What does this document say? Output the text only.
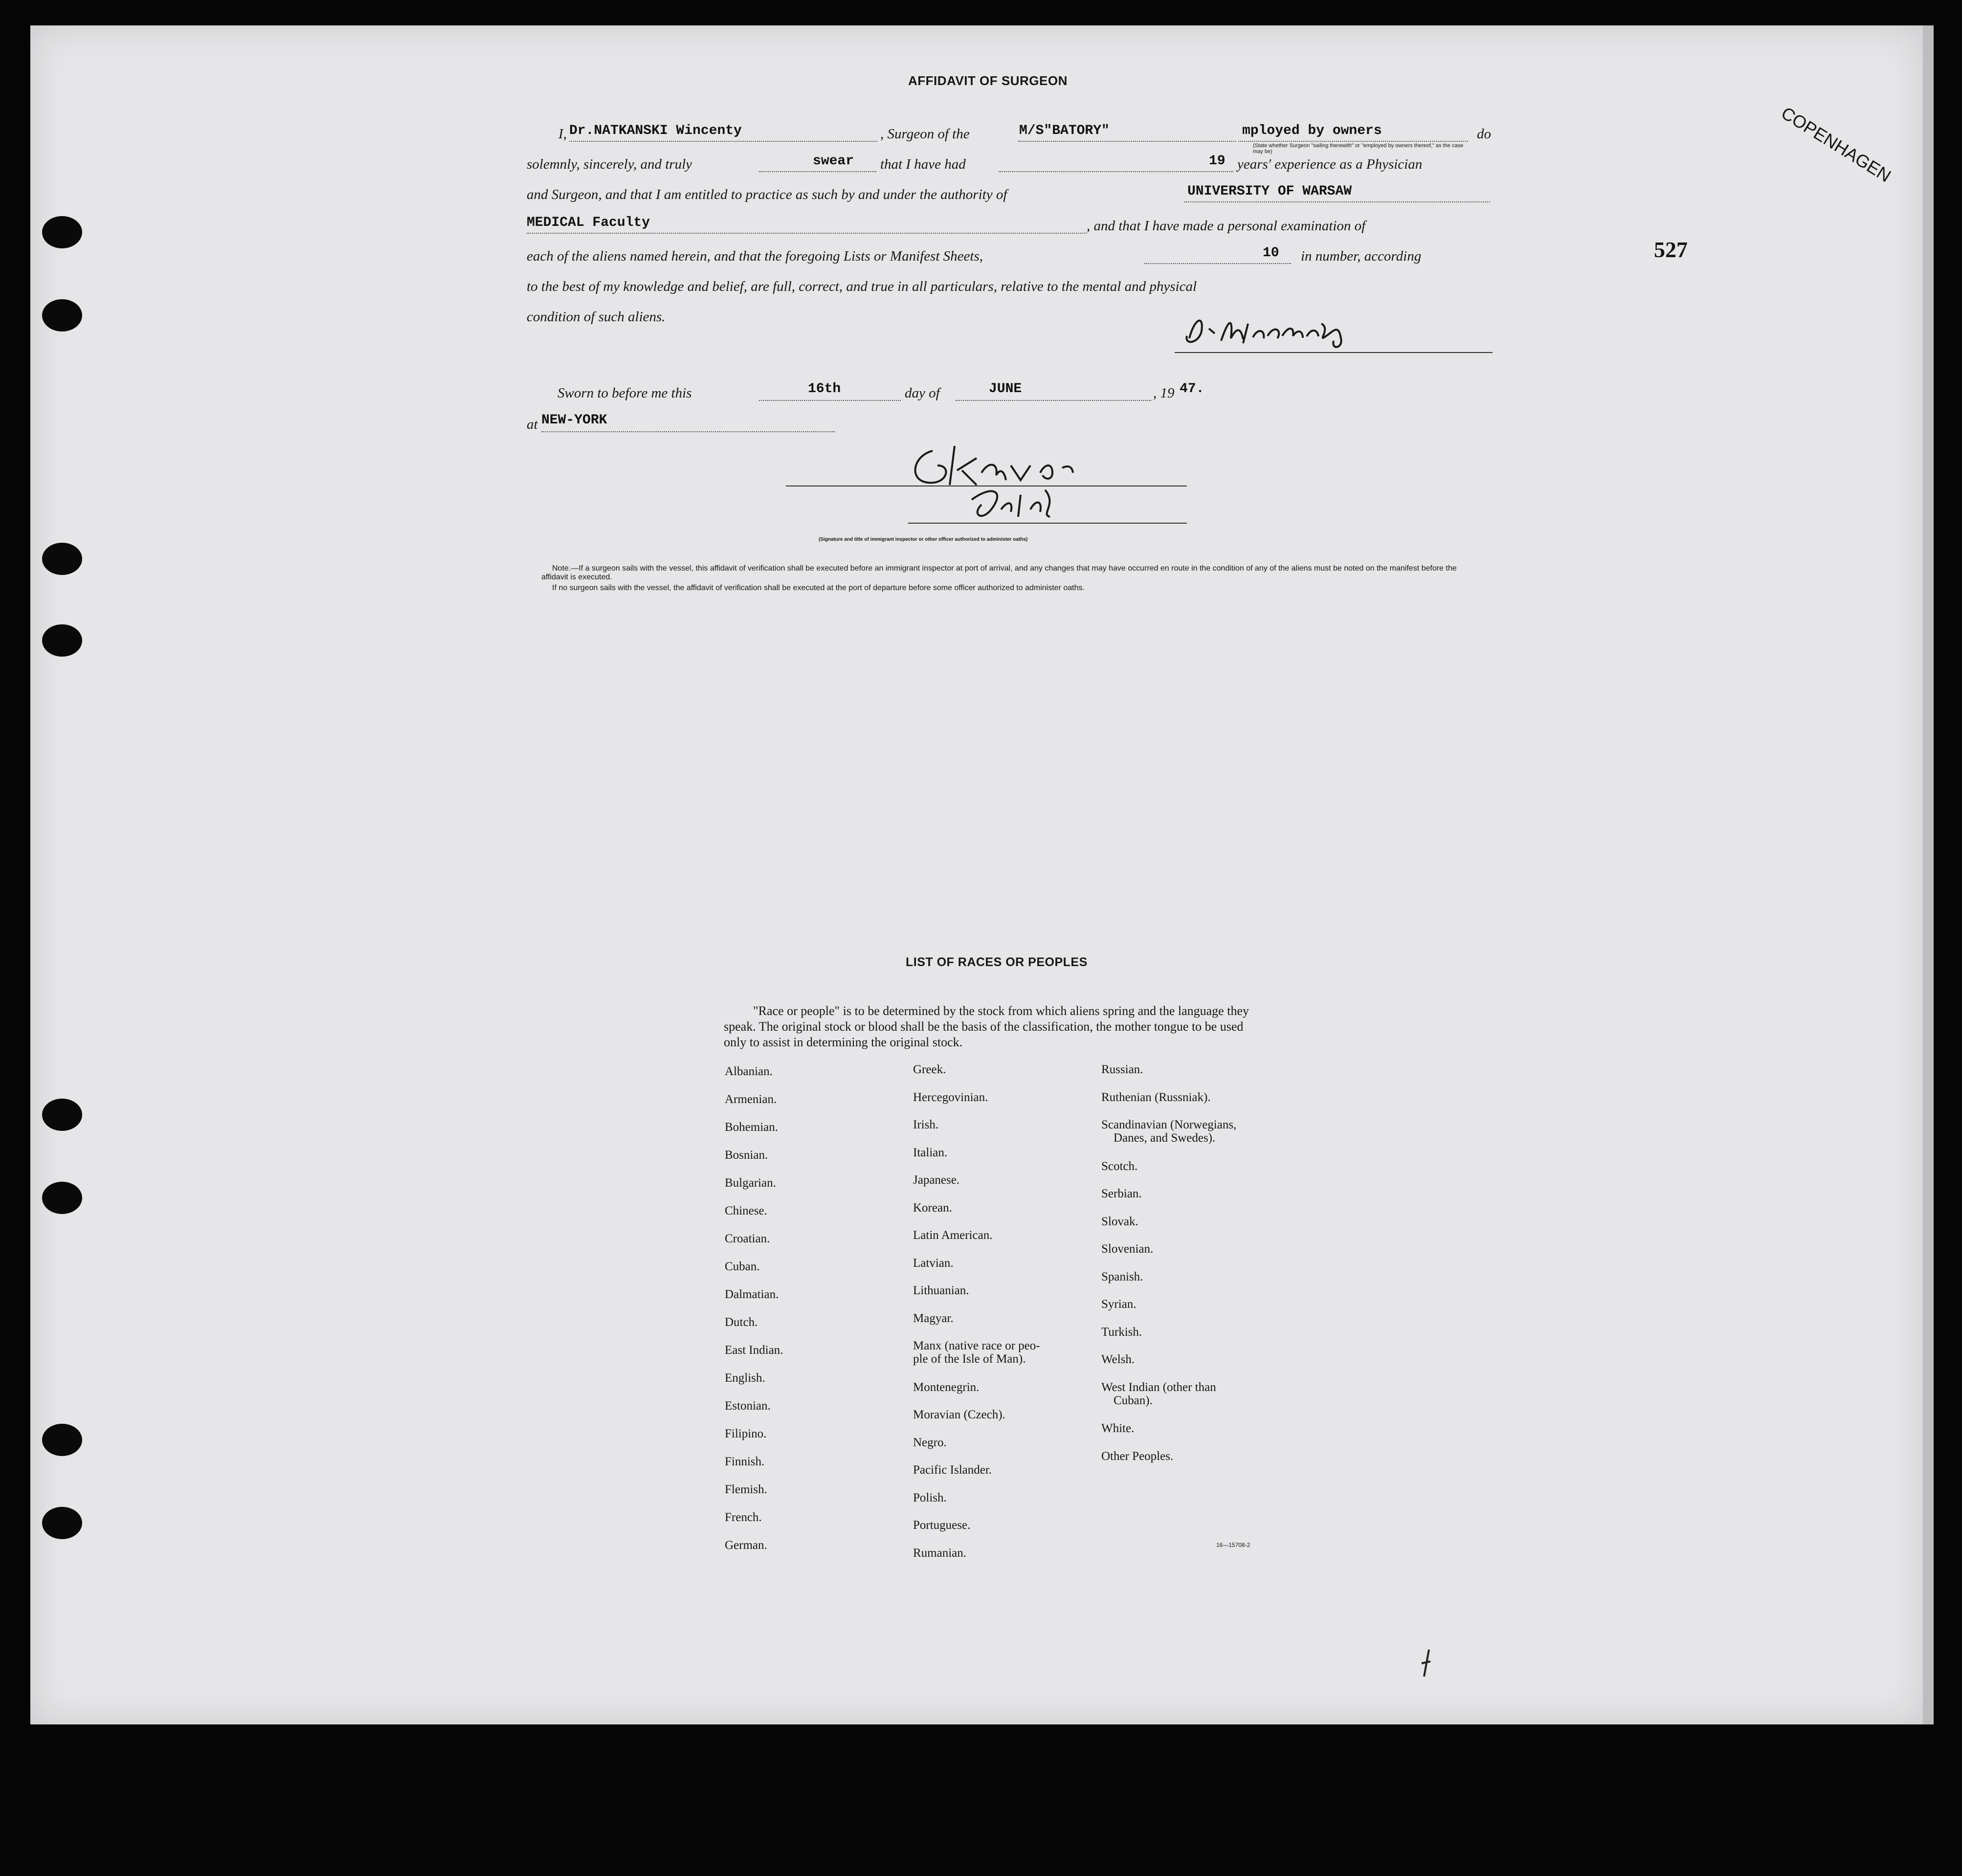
COPENHAGEN
527
AFFIDAVIT OF SURGEON
I, Dr.NATKANSKI Wincenty	, Surgeon of the	M/S"BATORY"	mployed by owners	do
(State whether Surgeon "sailing therewith" or "employed by owners thereof," as the case may be)
solemnly, sincerely, and truly	swear that I have had	19 years' experience as a Physician
and Surgeon, and that I am entitled to practice as such by and under the authority of	UNIVERSITY OF WARSAW
MEDICAL Faculty	, and that I have made a personal examination of
each of the aliens named herein, and that the foregoing Lists or Manifest Sheets,	10 in number, according
to the best of my knowledge and belief, are full, correct, and true in all particulars, relative to the mental and physical
condition of such aliens.
Sworn to before me this	16th	day of	JUNE	, 19 47.
at NEW-YORK
(Signature and title of immigrant inspector or other officer authorized to administer oaths)
Note.—If a surgeon sails with the vessel, this affidavit of verification shall be executed before an immigrant inspector at port of arrival, and any changes that may have occurred en route in the condition of any of the aliens must be noted on the manifest before the affidavit is executed.
If no surgeon sails with the vessel, the affidavit of verification shall be executed at the port of departure before some officer authorized to administer oaths.
LIST OF RACES OR PEOPLES
"Race or people" is to be determined by the stock from which aliens spring and the language they speak. The original stock or blood shall be the basis of the classification, the mother tongue to be used only to assist in determining the original stock.
16—15708-2
Albanian.
Armenian.
Bohemian.
Bosnian.
Bulgarian.
Chinese.
Croatian.
Cuban.
Dalmatian.
Dutch.
East Indian.
English.
Estonian.
Filipino.
Finnish.
Flemish.
French.
German.
Greek.
Hercegovinian.
Irish.
Italian.
Japanese.
Korean.
Latin American.
Latvian.
Lithuanian.
Magyar.
Manx (native race or peo-
ple of the Isle of Man).
Montenegrin.
Moravian (Czech).
Negro.
Pacific Islander.
Polish.
Portuguese.
Rumanian.
Russian.
Ruthenian (Russniak).
Scandinavian (Norwegians,
Danes, and Swedes).
Scotch.
Serbian.
Slovak.
Slovenian.
Spanish.
Syrian.
Turkish.
Welsh.
West Indian (other than
Cuban).
White.
Other Peoples.
